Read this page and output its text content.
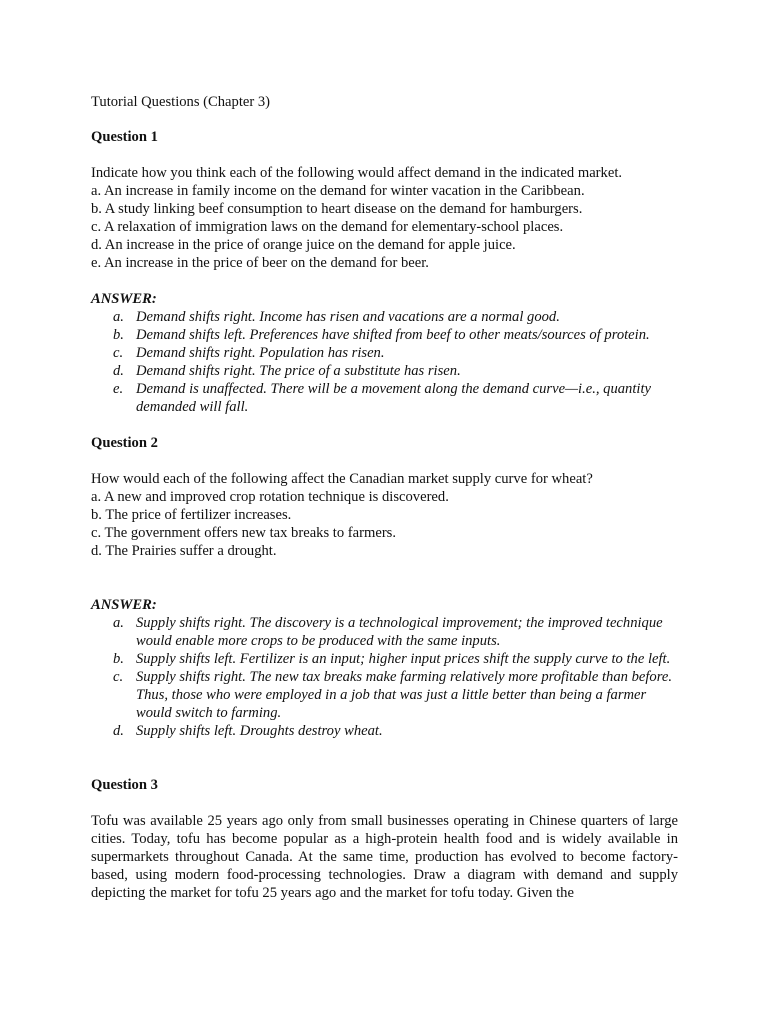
Tutorial Questions (Chapter 3)

Question 1

Indicate how you think each of the following would affect demand in the indicated market.

a. An increase in family income on the demand for winter vacation in the Caribbean.

b. A study linking beef consumption to heart disease on the demand for hamburgers.

c. A relaxation of immigration laws on the demand for elementary-school places.

d. An increase in the price of orange juice on the demand for apple juice.

e. An increase in the price of beer on the demand for beer.

ANSWER:

a. Demand shifts right. Income has risen and vacations are a normal good.
b. Demand shifts left. Preferences have shifted from beef to other meats/sources of protein.
c. Demand shifts right. Population has risen.
d. Demand shifts right. The price of a substitute has risen.
e. Demand is unaffected. There will be a movement along the demand curve—i.e., quantity demanded will fall.

Question 2

How would each of the following affect the Canadian market supply curve for wheat?

a. A new and improved crop rotation technique is discovered.

b. The price of fertilizer increases.

c. The government offers new tax breaks to farmers.

d. The Prairies suffer a drought.

ANSWER:

a. Supply shifts right. The discovery is a technological improvement; the improved technique would enable more crops to be produced with the same inputs.
b. Supply shifts left. Fertilizer is an input; higher input prices shift the supply curve to the left.
c. Supply shifts right. The new tax breaks make farming relatively more profitable than before. Thus, those who were employed in a job that was just a little better than being a farmer would switch to farming.
d. Supply shifts left. Droughts destroy wheat.

Question 3

Tofu was available 25 years ago only from small businesses operating in Chinese quarters of large cities. Today, tofu has become popular as a high-protein health food and is widely available in supermarkets throughout Canada. At the same time, production has evolved to become factory-based, using modern food-processing technologies. Draw a diagram with demand and supply depicting the market for tofu 25 years ago and the market for tofu today. Given the
